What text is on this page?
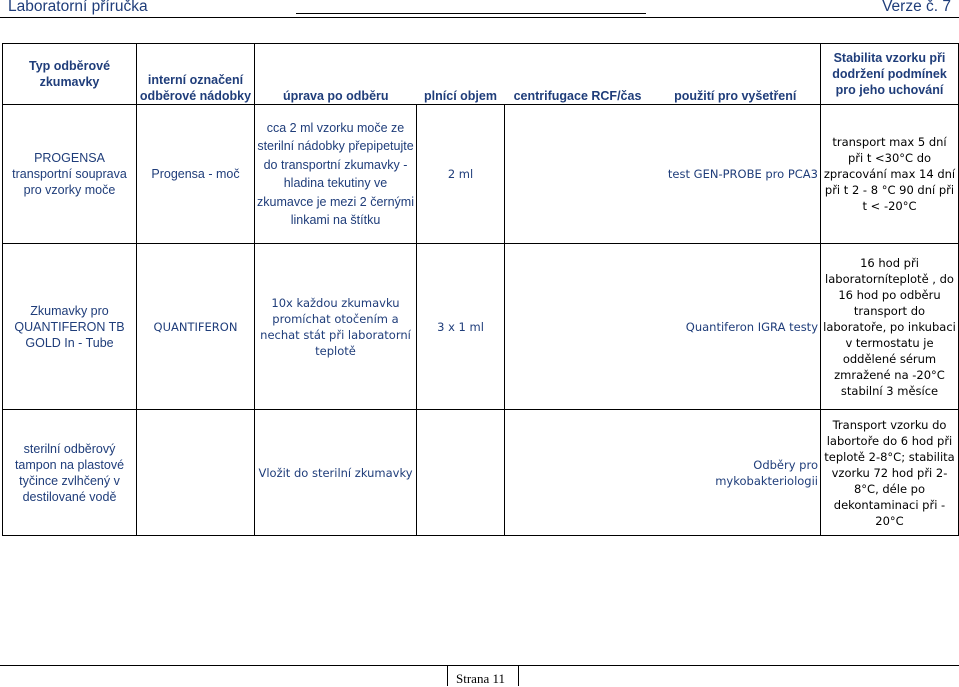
Laboratorní příručka	Verze č. 7
Typ odběrové zkumavky	interní označení odběrové nádobky	úprava po odběru	plnící objem	centrifugace RCF/čas	použití pro vyšetření	Stabilita vzorku při dodržení podmínek pro jeho uchování
PROGENSA transportní souprava pro vzorky moče	Progensa - moč	cca 2 ml vzorku moče ze sterilní nádobky přepipetujte do transportní zkumavky - hladina tekutiny ve zkumavce je mezi 2 černými linkami na štítku	2 ml		test GEN-PROBE pro PCA3	transport max 5 dní při t <30°C do zpracování max 14 dní při t 2 - 8 °C 90 dní při t < -20°C
Zkumavky pro QUANTIFERON TB GOLD In - Tube	QUANTIFERON	10x každou zkumavku promíchat otočením a nechat stát při laboratorní teplotě	3 x 1 ml		Quantiferon IGRA testy	16 hod při laboratorníteplotě , do 16 hod po odběru transport do laboratoře, po inkubaci v termostatu je oddělené sérum zmražené na -20°C stabilní 3 měsíce
sterilní odběrový tampon na plastové tyčince zvlhčený v destilované vodě		Vložit do sterilní zkumavky			Odběry pro mykobakteriologii	Transport vzorku do labortoře do 6 hod při teplotě 2-8°C; stabilita vzorku 72 hod při 2-8°C, déle po dekontaminaci při - 20°C
Strana 11
